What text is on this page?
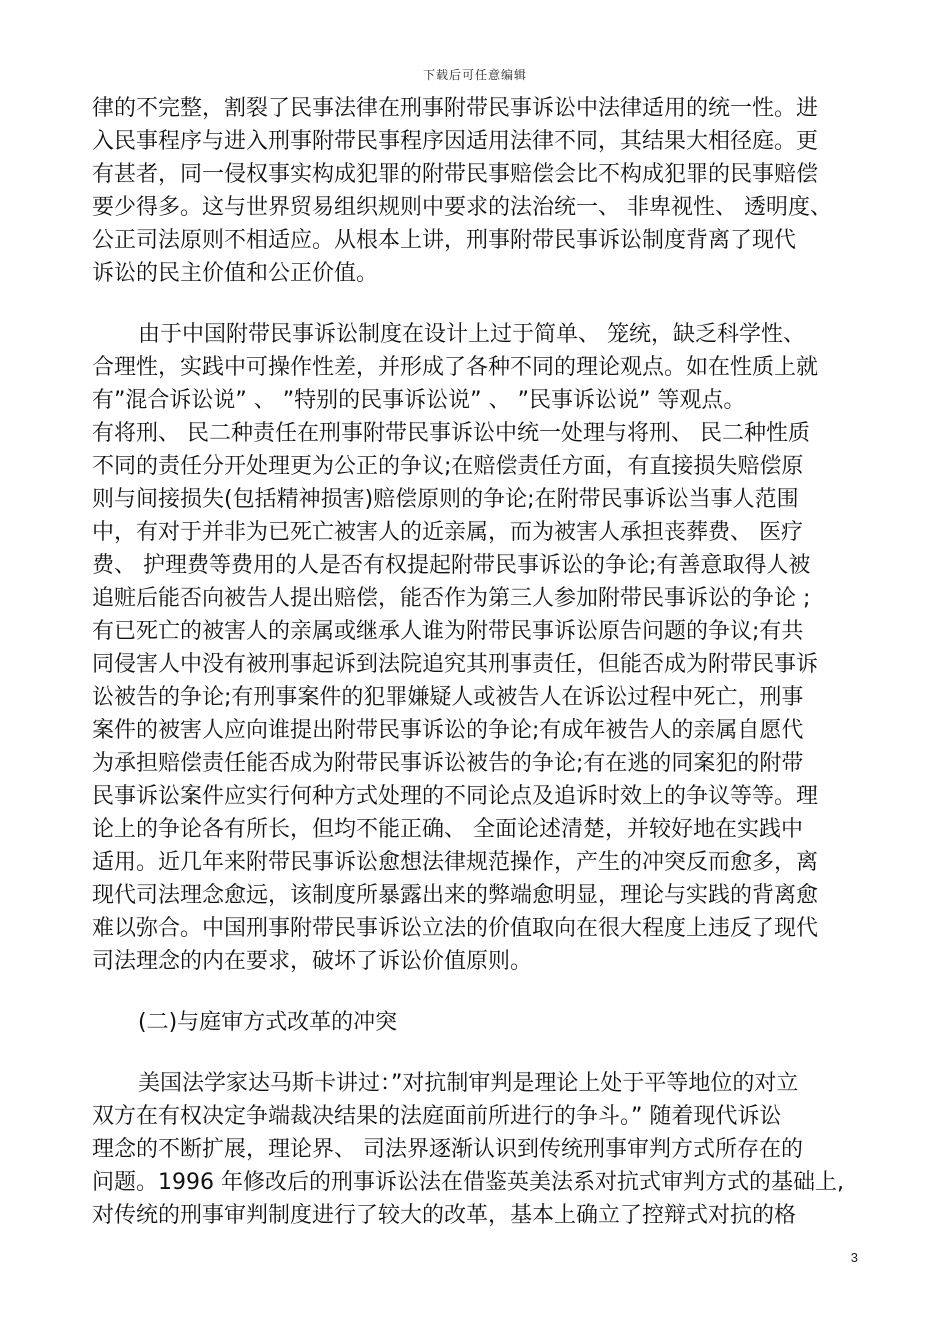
下载后可任意编辑
律的不完整，割裂了民事法律在刑事附带民事诉讼中法律适用的统一性。进
入民事程序与进入刑事附带民事程序因适用法律不同，其结果大相径庭。更
有甚者，同一侵权事实构成犯罪的附带民事赔偿会比不构成犯罪的民事赔偿
要少得多。这与世界贸易组织规则中要求的法治统一、 非卑视性、 透明度、
公正司法原则不相适应。从根本上讲，刑事附带民事诉讼制度背离了现代
诉讼的民主价值和公正价值。
由于中国附带民事诉讼制度在设计上过于简单、 笼统，缺乏科学性、
合理性，实践中可操作性差，并形成了各种不同的理论观点。如在性质上就
有”混合诉讼说” 、 ”特别的民事诉讼说” 、 ”民事诉讼说” 等观点。
有将刑、 民二种责任在刑事附带民事诉讼中统一处理与将刑、 民二种性质
不同的责任分开处理更为公正的争议;在赔偿责任方面，有直接损失赔偿原
则与间接损失(包括精神损害)赔偿原则的争论;在附带民事诉讼当事人范围
中，有对于并非为已死亡被害人的近亲属，而为被害人承担丧葬费、 医疗
费、 护理费等费用的人是否有权提起附带民事诉讼的争论;有善意取得人被
追赃后能否向被告人提出赔偿，能否作为第三人参加附带民事诉讼的争论 ;
有已死亡的被害人的亲属或继承人谁为附带民事诉讼原告问题的争议;有共
同侵害人中没有被刑事起诉到法院追究其刑事责任，但能否成为附带民事诉
讼被告的争论;有刑事案件的犯罪嫌疑人或被告人在诉讼过程中死亡，刑事
案件的被害人应向谁提出附带民事诉讼的争论;有成年被告人的亲属自愿代
为承担赔偿责任能否成为附带民事诉讼被告的争论;有在逃的同案犯的附带
民事诉讼案件应实行何种方式处理的不同论点及追诉时效上的争议等等。理
论上的争论各有所长，但均不能正确、 全面论述清楚，并较好地在实践中
适用。近几年来附带民事诉讼愈想法律规范操作，产生的冲突反而愈多，离
现代司法理念愈远，该制度所暴露出来的弊端愈明显，理论与实践的背离愈
难以弥合。中国刑事附带民事诉讼立法的价值取向在很大程度上违反了现代
司法理念的内在要求，破坏了诉讼价值原则。
(二)与庭审方式改革的冲突
美国法学家达马斯卡讲过：”对抗制审判是理论上处于平等地位的对立
双方在有权决定争端裁决结果的法庭面前所进行的争斗。” 随着现代诉讼
理念的不断扩展，理论界、 司法界逐渐认识到传统刑事审判方式所存在的
问题。1996 年修改后的刑事诉讼法在借鉴英美法系对抗式审判方式的基础上,
对传统的刑事审判制度进行了较大的改革，基本上确立了控辩式对抗的格
3
